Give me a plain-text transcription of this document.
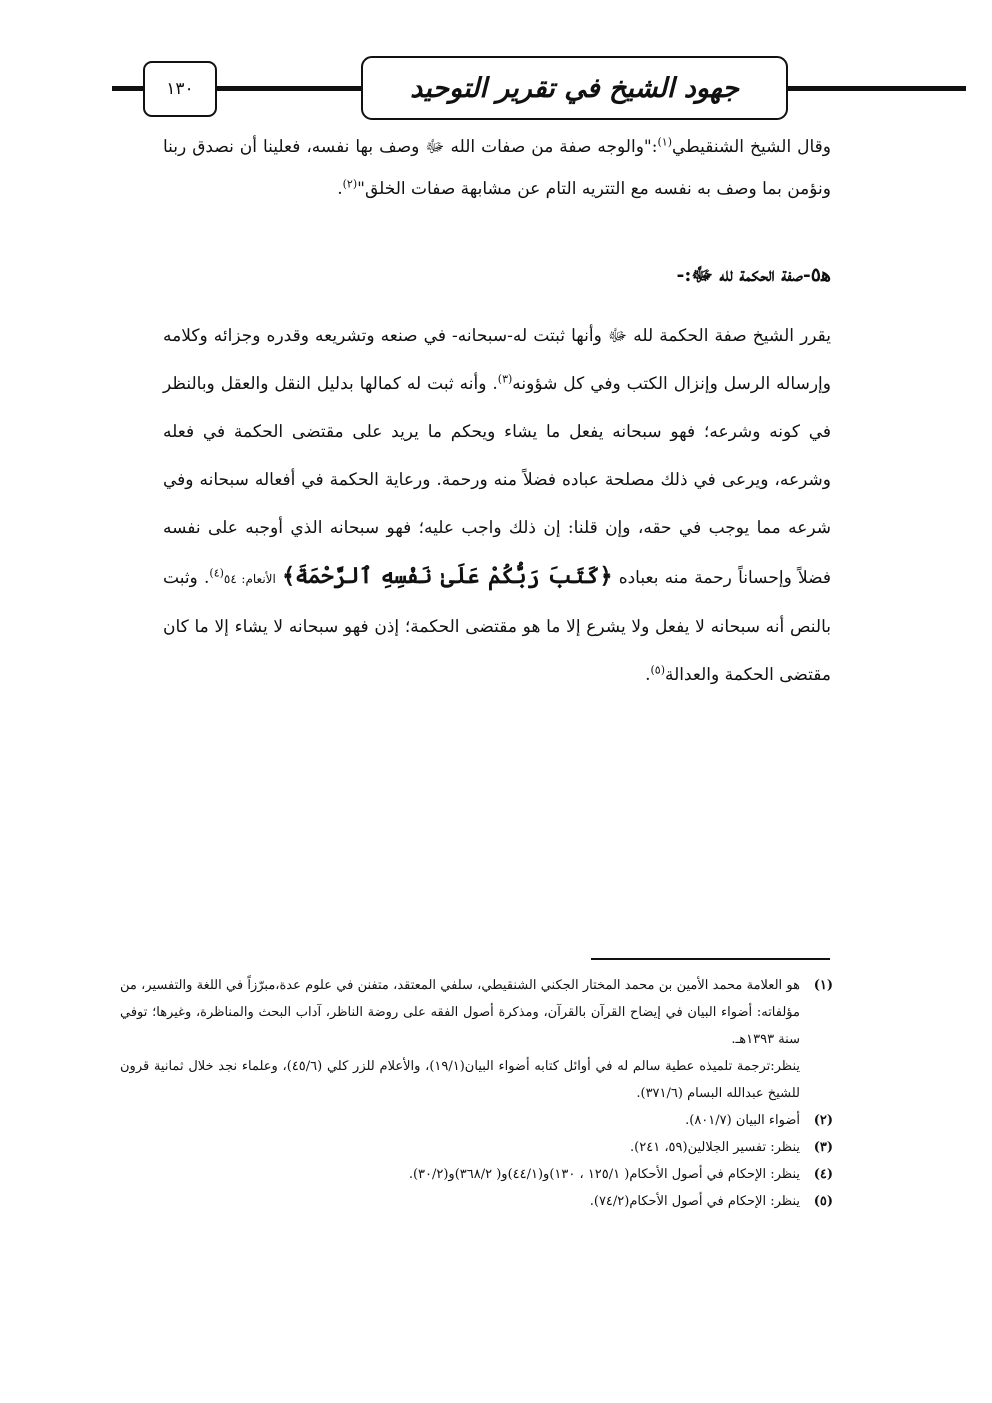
١٣٠	جهود الشيخ في تقرير التوحيد
وقال الشيخ الشنقيطي$^{(١)}$:"والوجه صفة من صفات الله ﷻ وصف بها نفسه، فعلينا أن نصدق ربنا ونؤمن بما وصف به نفسه مع التتريه التام عن مشابهة صفات الخلق"$^{(٢)}$.
ﻫ٥-صفة الحكمة لله ﷻ:-
يقرر الشيخ صفة الحكمة لله ﷻ وأنها ثبتت له-سبحانه- في صنعه وتشريعه وقدره وجزائه وكلامه وإرساله الرسل وإنزال الكتب وفي كل شؤونه$^{(٣)}$. وأنه ثبت له كمالها بدليل النقل والعقل وبالنظر في كونه وشرعه؛ فهو سبحانه يفعل ما يشاء ويحكم ما يريد على مقتضى الحكمة في فعله وشرعه، ويرعى في ذلك مصلحة عباده فضلاً منه ورحمة. ورعاية الحكمة في أفعاله سبحانه وفي شرعه مما يوجب في حقه، وإن قلنا: إن ذلك واجب عليه؛ فهو سبحانه الذي أوجبه على نفسه فضلاً وإحساناً رحمة منه بعباده ﴿كَتَبَ رَبُّكُمْ عَلَىٰ نَفْسِهِ ٱلرَّحْمَةَ﴾ الأنعام: ٥٤$^{(٤)}$. وثبت بالنص أنه سبحانه لا يفعل ولا يشرع إلا ما هو مقتضى الحكمة؛ إذن فهو سبحانه لا يشاء إلا ما كان مقتضى الحكمة والعدالة$^{(٥)}$.
(١)
هو العلامة محمد الأمين بن محمد المختار الجكني الشنقيطي، سلفي المعتقد، متفنن في علوم عدة،مبرّزاً في اللغة والتفسير، من مؤلفاته: أضواء البيان في إيضاح القرآن بالقرآن، ومذكرة أصول الفقه على روضة الناظر، آداب البحث والمناظرة، وغيرها؛ توفي سنة ١٣٩٣هـ.
ينظر:ترجمة تلميذه عطية سالم له في أوائل كتابه أضواء البيان(١٩/١)، والأعلام للزر كلي (٤٥/٦)، وعلماء نجد خلال ثمانية قرون للشيخ عبدالله البسام (٣٧١/٦).
(٢)
أضواء البيان (٨٠١/٧).
(٣)
ينظر: تفسير الجلالين(٥٩، ٢٤١).
(٤)
ينظر: الإحكام في أصول الأحكام( ١٢٥/١ ، ١٣٠)و(٤٤/١)و( ٣٦٨/٢)و(٣٠/٢).
(٥)
ينظر: الإحكام في أصول الأحكام(٧٤/٢).
